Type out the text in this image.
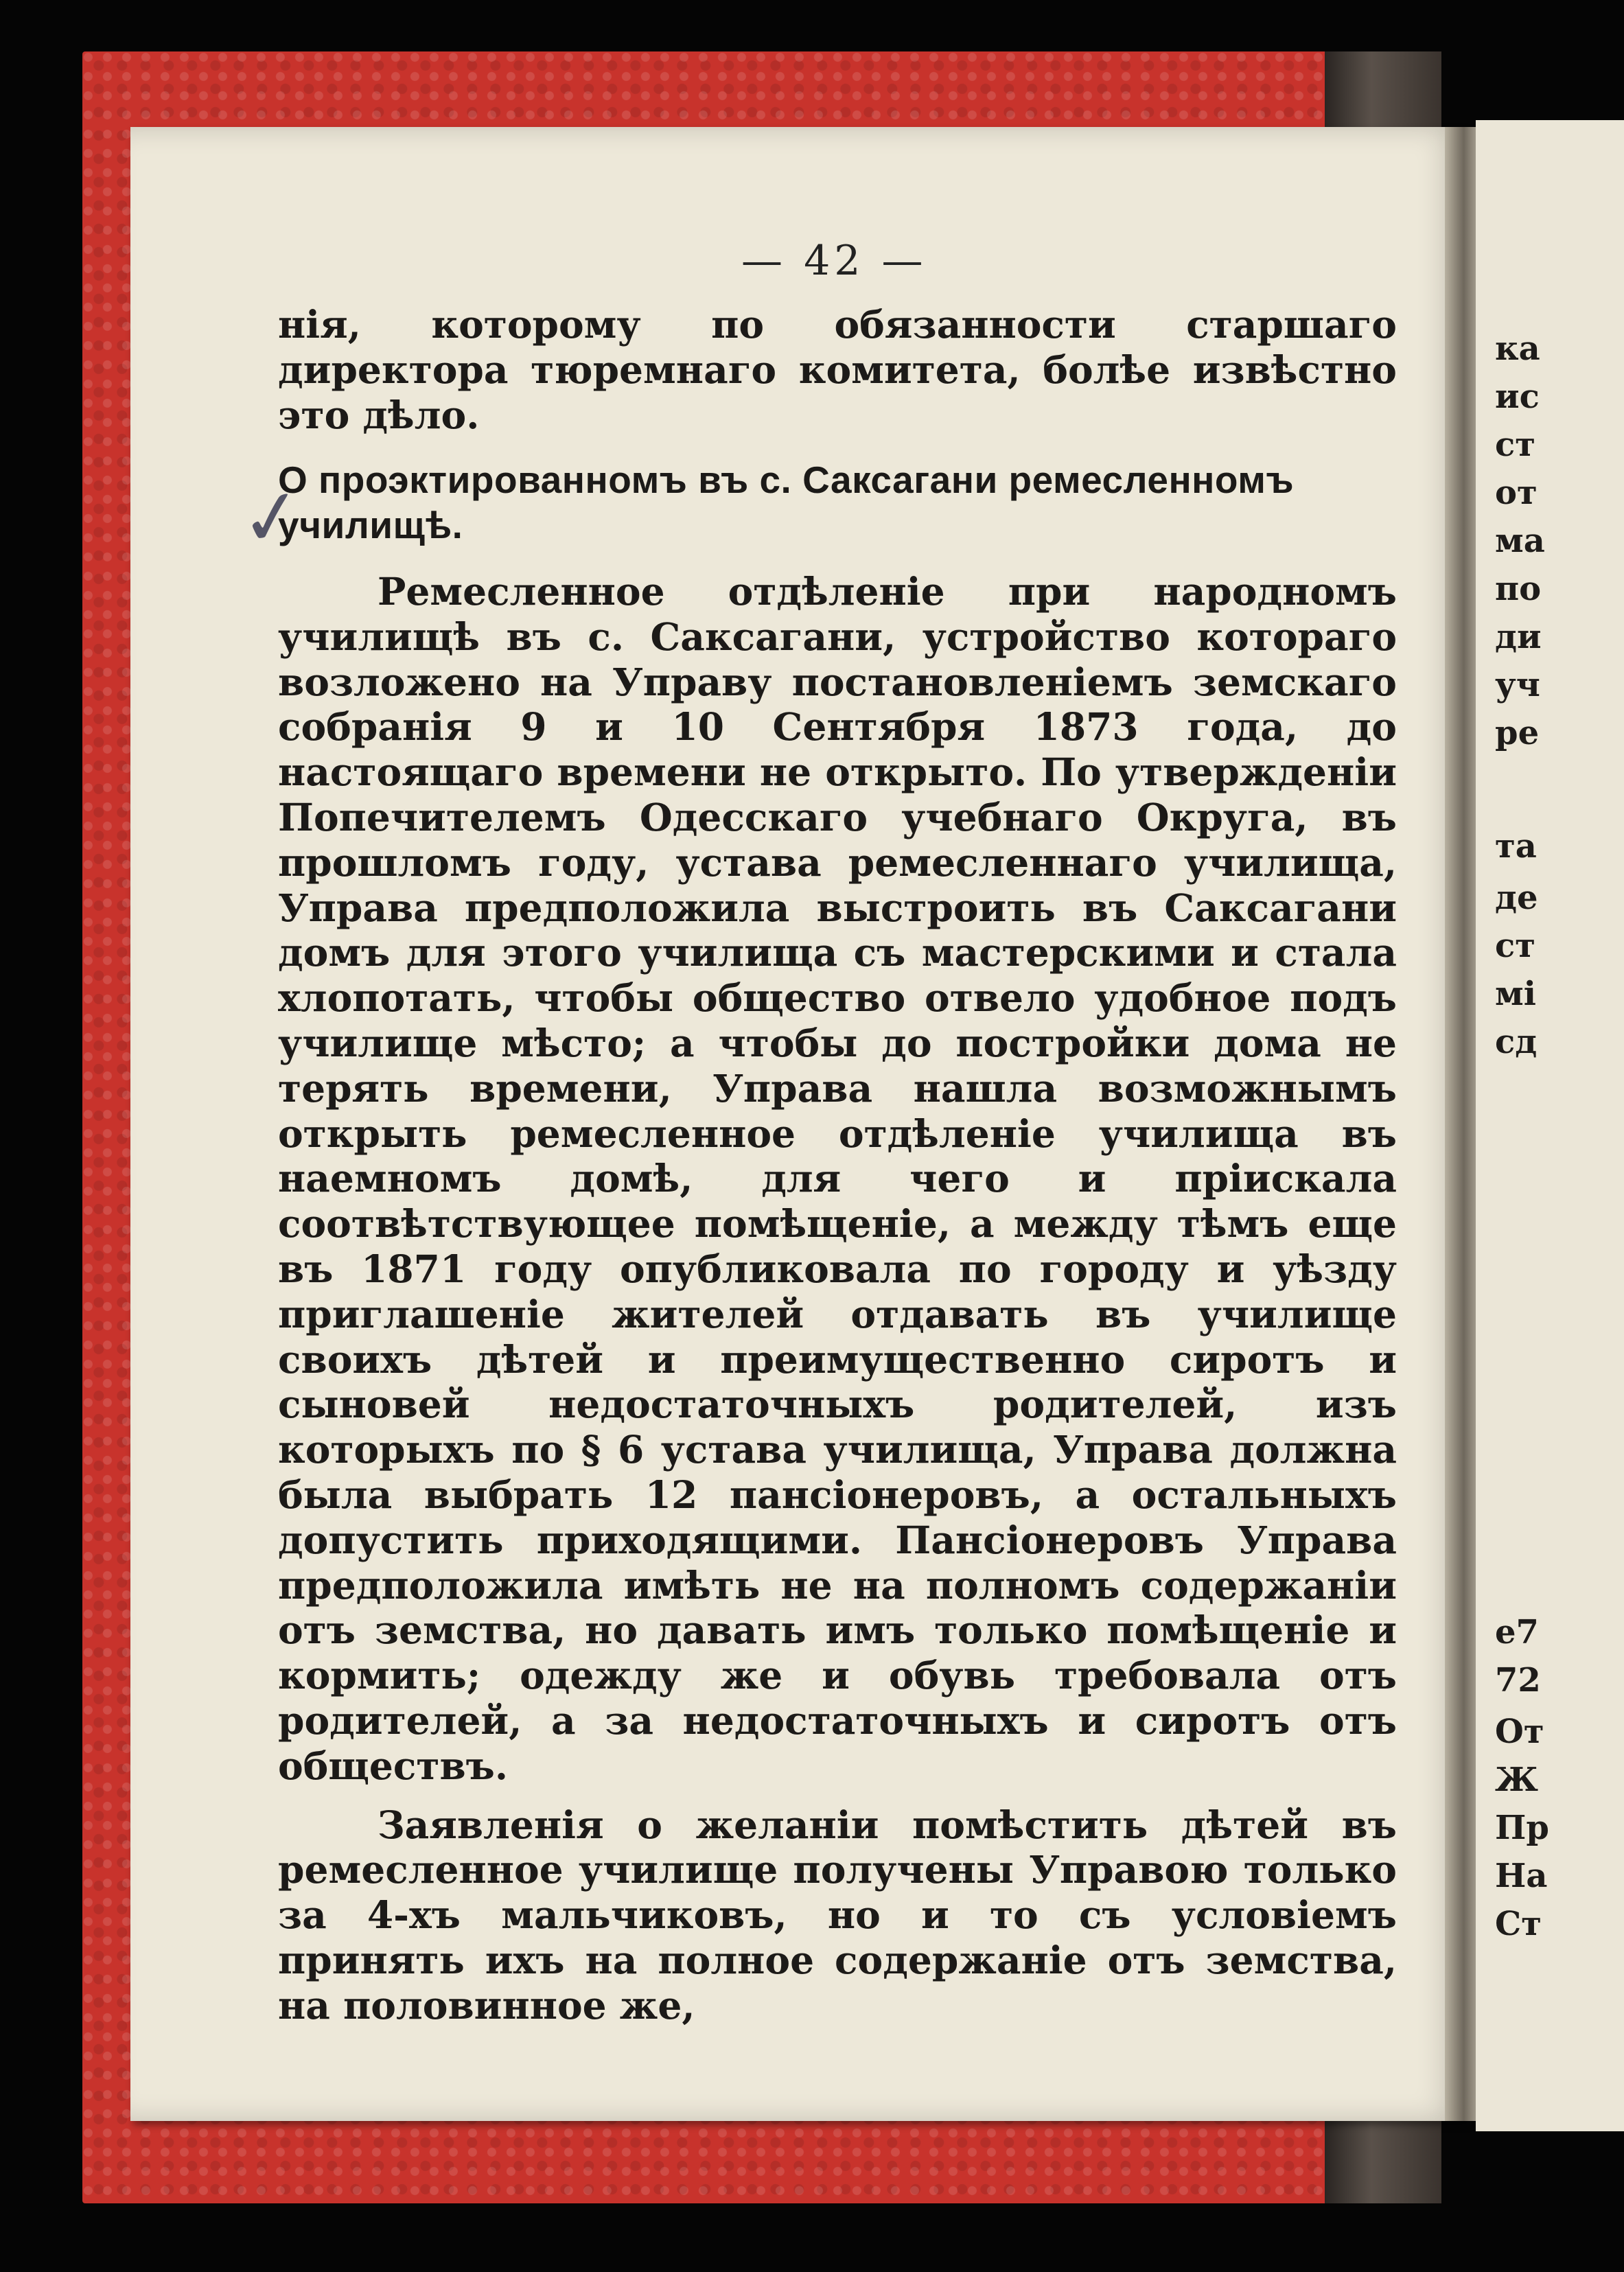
ка
ис
ст
от
ма
по
ди
уч
ре
та
де
ст
мі
сд
е7
72
От
Ж
Пр
На
Ст
— 42 —
✓

нія, которому по обязанности старшаго директора тюремнаго комитета, болѣе извѣстно это дѣло.

О проэктированномъ въ с. Саксагани ремесленномъ училищѣ.

Ремесленное отдѣленіе при народномъ училищѣ въ с. Саксагани, устройство котораго возложено на Управу постановленіемъ земскаго собранія 9 и 10 Сентября 1873 года, до настоящаго времени не открыто. По утвержденіи Попечителемъ Одесскаго учебнаго Округа, въ прошломъ году, устава ремесленнаго училища, Управа предположила выстроить въ Саксагани домъ для этого училища съ мастерскими и стала хлопотать, чтобы общество отвело удобное подъ училище мѣсто; а чтобы до постройки дома не терять времени, Управа нашла возможнымъ открыть ремесленное отдѣленіе училища въ наемномъ домѣ, для чего и пріискала соотвѣтствующее помѣщеніе, а между тѣмъ еще въ 1871 году опубликовала по городу и уѣзду приглашеніе жителей отдавать въ училище своихъ дѣтей и преимущественно сиротъ и сыновей недостаточныхъ родителей, изъ которыхъ по § 6 устава училища, Управа должна была выбрать 12 пансіонеровъ, а остальныхъ допустить приходящими. Пансіонеровъ Управа предположила имѣть не на полномъ содержаніи отъ земства, но давать имъ только помѣщеніе и кормить; одежду же и обувь требовала отъ родителей, а за недостаточныхъ и сиротъ отъ обществъ.

Заявленія о желаніи помѣстить дѣтей въ ремесленное училище получены Управою только за 4-хъ мальчиковъ, но и то съ условіемъ принять ихъ на полное содержаніе отъ земства, на половинное же,
